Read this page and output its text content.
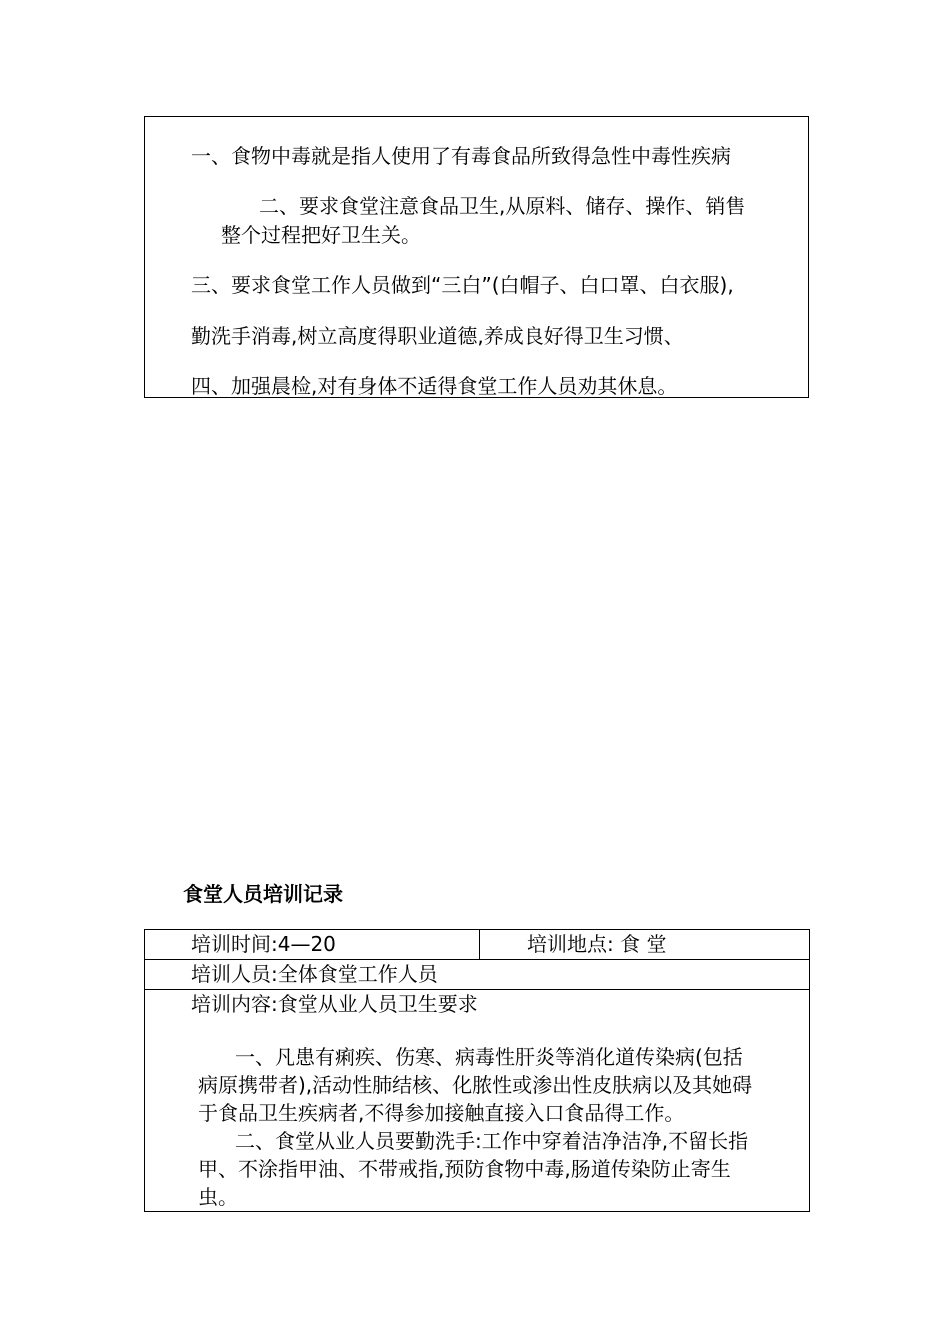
一、食物中毒就是指人使用了有毒食品所致得急性中毒性疾病
二、要求食堂注意食品卫生,从原料、储存、操作、销售
整个过程把好卫生关。
三、要求食堂工作人员做到“三白”(白帽子、白口罩、白衣服),
勤洗手消毒,树立高度得职业道德,养成良好得卫生习惯、
四、加强晨检,对有身体不适得食堂工作人员劝其休息。
食堂人员培训记录
培训时间:4—20	培训地点: 食 堂
培训人员:全体食堂工作人员
培训内容:食堂从业人员卫生要求
一、凡患有痢疾、伤寒、病毒性肝炎等消化道传染病(包括
病原携带者),活动性肺结核、化脓性或渗出性皮肤病以及其她碍
于食品卫生疾病者,不得参加接触直接入口食品得工作。
二、食堂从业人员要勤洗手:工作中穿着洁净洁净,不留长指
甲、不涂指甲油、不带戒指,预防食物中毒,肠道传染防止寄生
虫。
